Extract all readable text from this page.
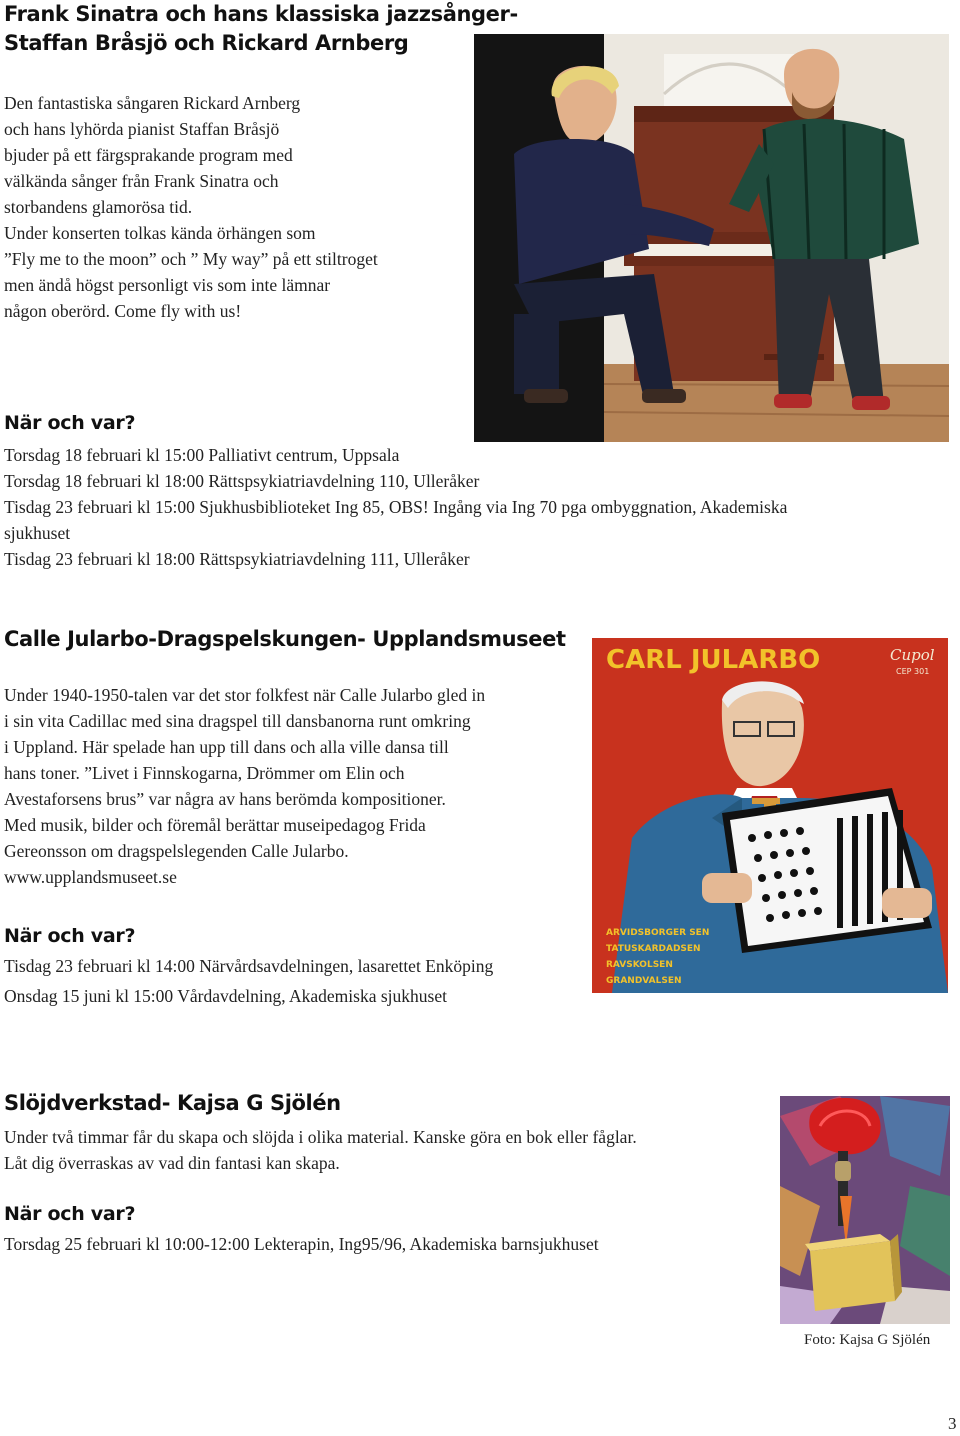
Frank Sinatra och hans klassiska jazzsånger-
Staffan Bråsjö och Rickard Arnberg
Den fantastiska sångaren Rickard Arnberg
och hans lyhörda pianist Staffan Bråsjö
bjuder på ett färgsprakande program med
välkända sånger från Frank Sinatra och
storbandens glamorösa tid.
Under konserten tolkas kända örhängen som
”Fly me to the moon” och ” My way” på ett stiltroget
men ändå högst personligt vis som inte lämnar
någon oberörd. Come fly with us!
När och var?
Torsdag 18 februari kl 15:00 Palliativt centrum, Uppsala
Torsdag 18 februari kl 18:00 Rättspsykiatriavdelning 110, Ulleråker
Tisdag 23 februari kl 15:00 Sjukhusbiblioteket Ing 85, OBS! Ingång via Ing 70 pga ombyggnation, Akademiska
sjukhuset
Tisdag 23 februari kl 18:00 Rättspsykiatriavdelning 111, Ulleråker
Calle Jularbo-Dragspelskungen- Upplandsmuseet
CARL JULARBO	Cupol
CEP 301
ARVIDSBORGER SEN
TATUSKARDADSEN
RAVSKOLSEN
GRANDVALSEN
Under 1940-1950-talen var det stor folkfest när Calle Jularbo gled in
i sin vita Cadillac med sina dragspel till dansbanorna runt omkring
i Uppland. Här spelade han upp till dans och alla ville dansa till
hans toner. ”Livet i Finnskogarna, Drömmer om Elin och
Avestaforsens brus” var några av hans berömda kompositioner.
Med musik, bilder och föremål berättar museipedagog Frida
Gereonsson om dragspelslegenden Calle Jularbo.
www.upplandsmuseet.se
När och var?
Tisdag 23 februari kl 14:00 Närvårdsavdelningen, lasarettet Enköping
Onsdag 15 juni kl 15:00 Vårdavdelning, Akademiska sjukhuset
Slöjdverkstad- Kajsa G Sjölén
Under två timmar får du skapa och slöjda i olika material. Kanske göra en bok eller fåglar.
Låt dig överraskas av vad din fantasi kan skapa.
Foto: Kajsa G Sjölén
När och var?
Torsdag 25 februari kl 10:00-12:00 Lekterapin, Ing95/96, Akademiska barnsjukhuset
3
